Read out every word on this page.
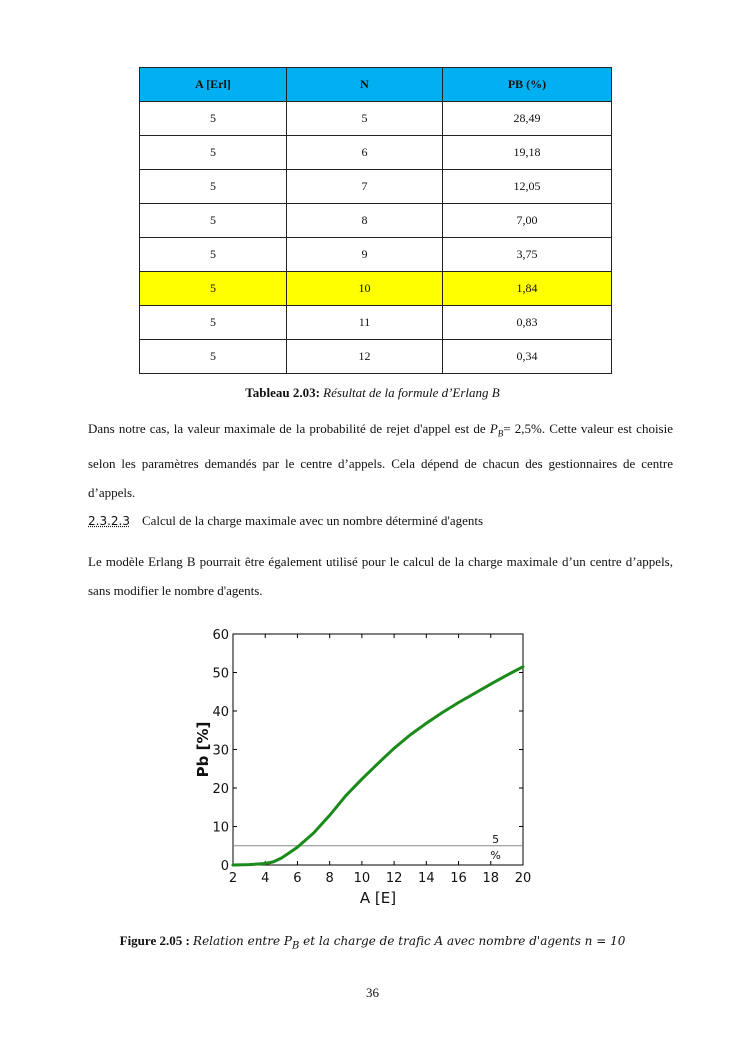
A [Erl]	N	PB (%)
5	5	28,49
5	6	19,18
5	7	12,05
5	8	7,00
5	9	3,75
5	10	1,84
5	11	0,83
5	12	0,34
Tableau 2.03: Résultat de la formule d’Erlang B
Dans notre cas, la valeur maximale de la probabilité de rejet d'appel est de $P_B= 2,5\%$. Cette valeur est choisie selon les paramètres demandés par le centre d’appels. Cela dépend de chacun des gestionnaires de centre d’appels.
2.3.2.3 Calcul de la charge maximale avec un nombre déterminé d'agents
Le modèle Erlang B pourrait être également utilisé pour le calcul de la charge maximale d’un centre d’appels, sans modifier le nombre d'agents.
2 4 6 8 10 12 14 16 18 20
0
10
20
30
40
50
60
5
%
A [E]
Pb [%]
Figure 2.05 : Relation entre $P_B$ et la charge de trafic A avec nombre d'agents n = 10
36
